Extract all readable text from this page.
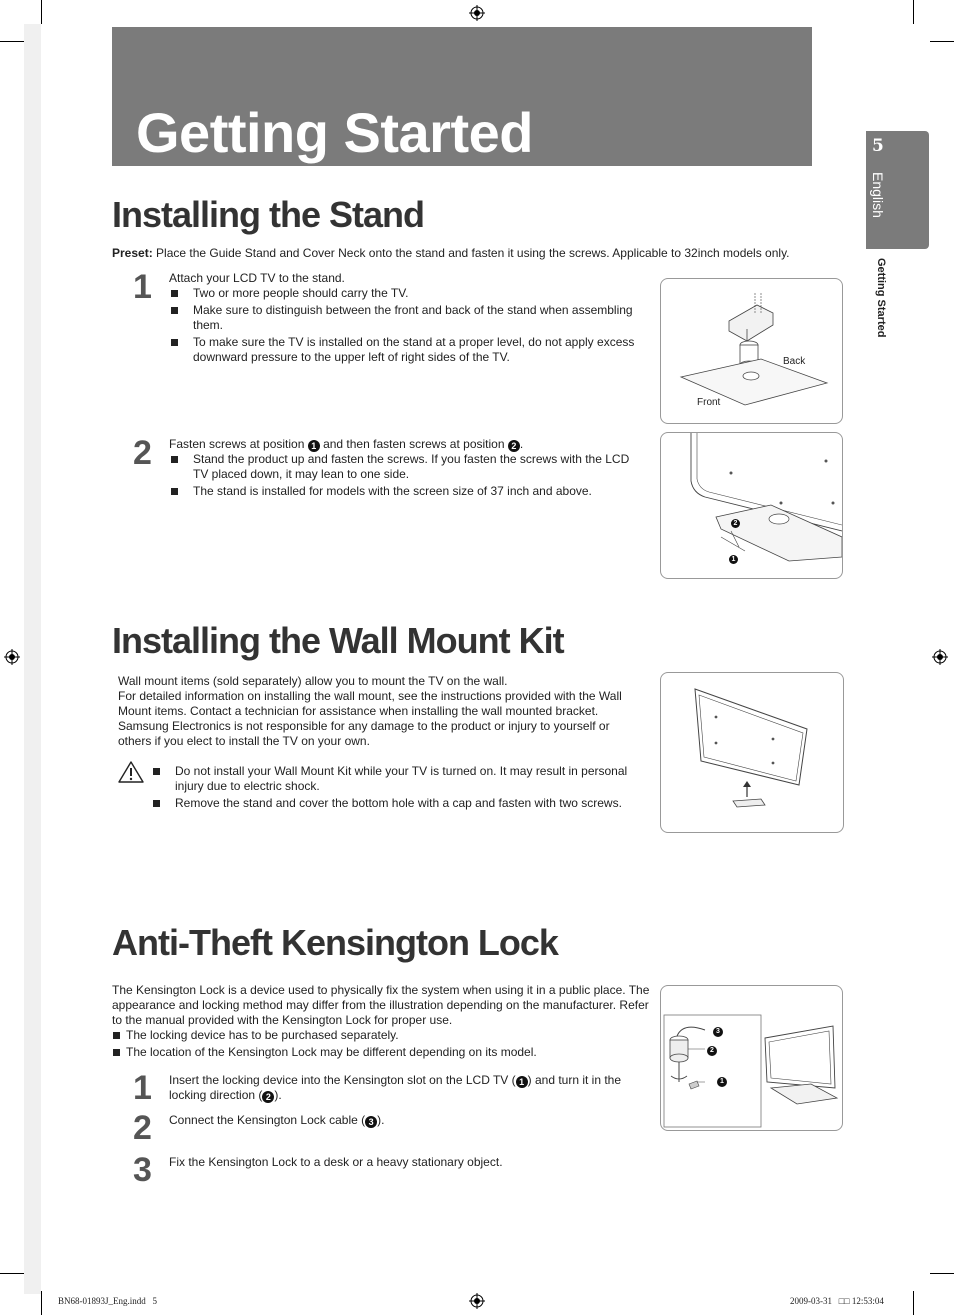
Getting Started	5
English
Getting Started
Installing the Stand
Preset: Place the Guide Stand and Cover Neck onto the stand and fasten it using the screws. Applicable to 32inch models only.
1 Attach your LCD TV to the stand.
Two or more people should carry the TV.
Make sure to distinguish between the front and back of the stand when assembling them.
To make sure the TV is installed on the stand at a proper level, do not apply excess downward pressure to the upper left of right sides of the TV.	Back
Front
2 Fasten screws at position 1 and then fasten screws at position 2 .
Stand the product up and fasten the screws. If you fasten the screws with the LCD TV placed down, it may lean to one side.
The stand is installed for models with the screen size of 37 inch and above.
2
1
Installing the Wall Mount Kit
Wall mount items (sold separately) allow you to mount the TV on the wall.
For detailed information on installing the wall mount, see the instructions provided with the Wall Mount items. Contact a technician for assistance when installing the wall mounted bracket. Samsung Electronics is not responsible for any damage to the product or injury to yourself or others if you elect to install the TV on your own.
Do not install your Wall Mount Kit while your TV is turned on. It may result in personal injury due to electric shock.
Remove the stand and cover the bottom hole with a cap and fasten with two screws.
Anti-Theft Kensington Lock
The Kensington Lock is a device used to physically fix the system when using it in a public place. The appearance and locking method may differ from the illustration depending on the manufacturer. Refer to the manual provided with the Kensington Lock for proper use.
The locking device has to be purchased separately.
The location of the Kensington Lock may be different depending on its model.
1 Insert the locking device into the Kensington slot on the LCD TV ( 1 ) and turn it in the locking direction ( 2 ).
2 Connect the Kensington Lock cable ( 3 ).
3 Fix the Kensington Lock to a desk or a heavy stationary object.
3
2
1
BN68-01893J_Eng.indd   5	2009-03-31   □□ 12:53:04
